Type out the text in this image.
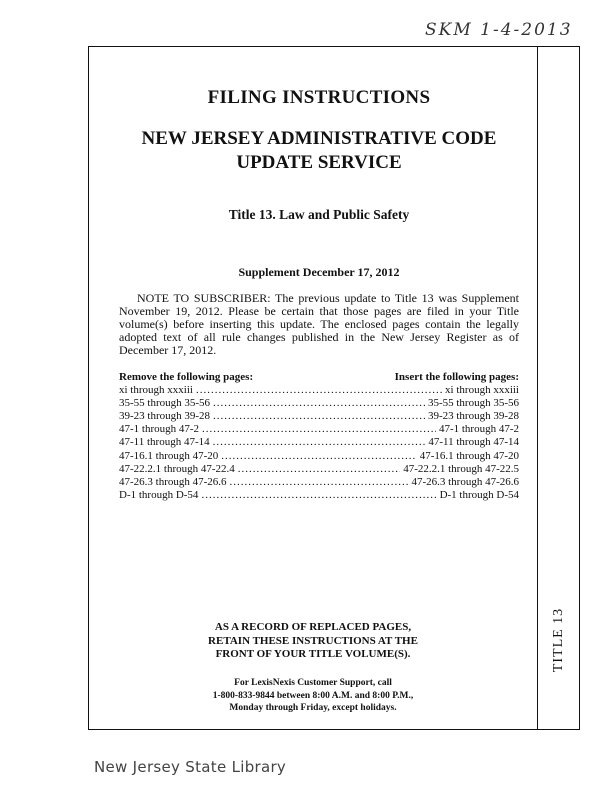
SKM 1-4-2013

FILING INSTRUCTIONS

NEW JERSEY ADMINISTRATIVE CODE
UPDATE SERVICE

Title 13. Law and Public Safety

Supplement December 17, 2012

NOTE TO SUBSCRIBER: The previous update to Title 13 was Supplement November 19, 2012. Please be certain that those pages are filed in your Title volume(s) before inserting this update. The enclosed pages contain the legally adopted text of all rule changes published in the New Jersey Register as of December 17, 2012.

Remove the following pages:	Insert the following pages:
xi through xxxiii .....	xi through xxxiii
35-55 through 35-56 .....	35-55 through 35-56
39-23 through 39-28 .....	39-23 through 39-28
47-1 through 47-2 .....	47-1 through 47-2
47-11 through 47-14 .....	47-11 through 47-14
47-16.1 through 47-20 .....	47-16.1 through 47-20
47-22.2.1 through 47-22.4 .....	47-22.2.1 through 47-22.5
47-26.3 through 47-26.6 .....	47-26.3 through 47-26.6
D-1 through D-54 .....	D-1 through D-54
AS A RECORD OF REPLACED PAGES,
RETAIN THESE INSTRUCTIONS AT THE
FRONT OF YOUR TITLE VOLUME(S).
For LexisNexis Customer Support, call
1-800-833-9844 between 8:00 A.M. and 8:00 P.M.,
Monday through Friday, except holidays.
TITLE 13
New Jersey State Library
